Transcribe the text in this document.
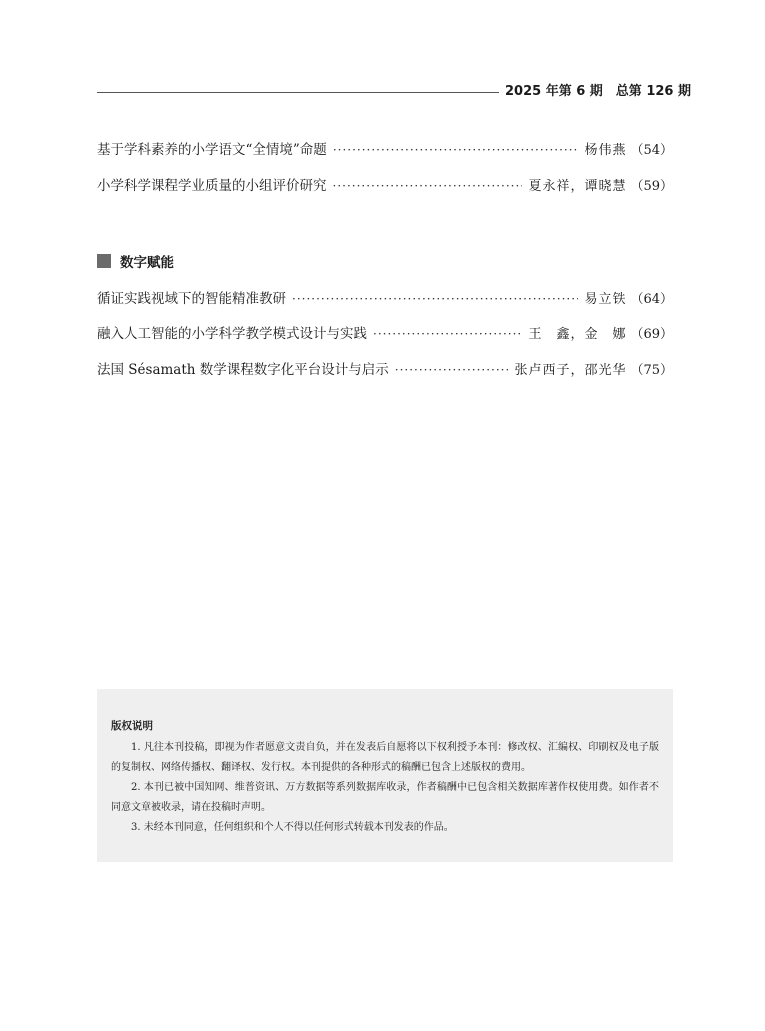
2025 年第 6 期　总第 126 期
基于学科素养的小学语文“全情境”命题 ·····	杨伟燕 （54）
小学科学课程学业质量的小组评价研究 ·····	夏永祥，谭晓慧 （59）
数字赋能
循证实践视域下的智能精准教研 ·····	易立铁 （64）
融入人工智能的小学科学教学模式设计与实践 ·····	王　鑫，金　娜 （69）
法国 Sésamath 数学课程数字化平台设计与启示 ·····	张卢西子，邵光华 （75）
版权说明

1. 凡往本刊投稿，即视为作者愿意文责自负，并在发表后自愿将以下权利授予本刊：修改权、汇编权、印刷权及电子版的复制权、网络传播权、翻译权、发行权。本刊提供的各种形式的稿酬已包含上述版权的费用。

2. 本刊已被中国知网、维普资讯、万方数据等系列数据库收录，作者稿酬中已包含相关数据库著作权使用费。如作者不同意文章被收录，请在投稿时声明。

3. 未经本刊同意，任何组织和个人不得以任何形式转载本刊发表的作品。
